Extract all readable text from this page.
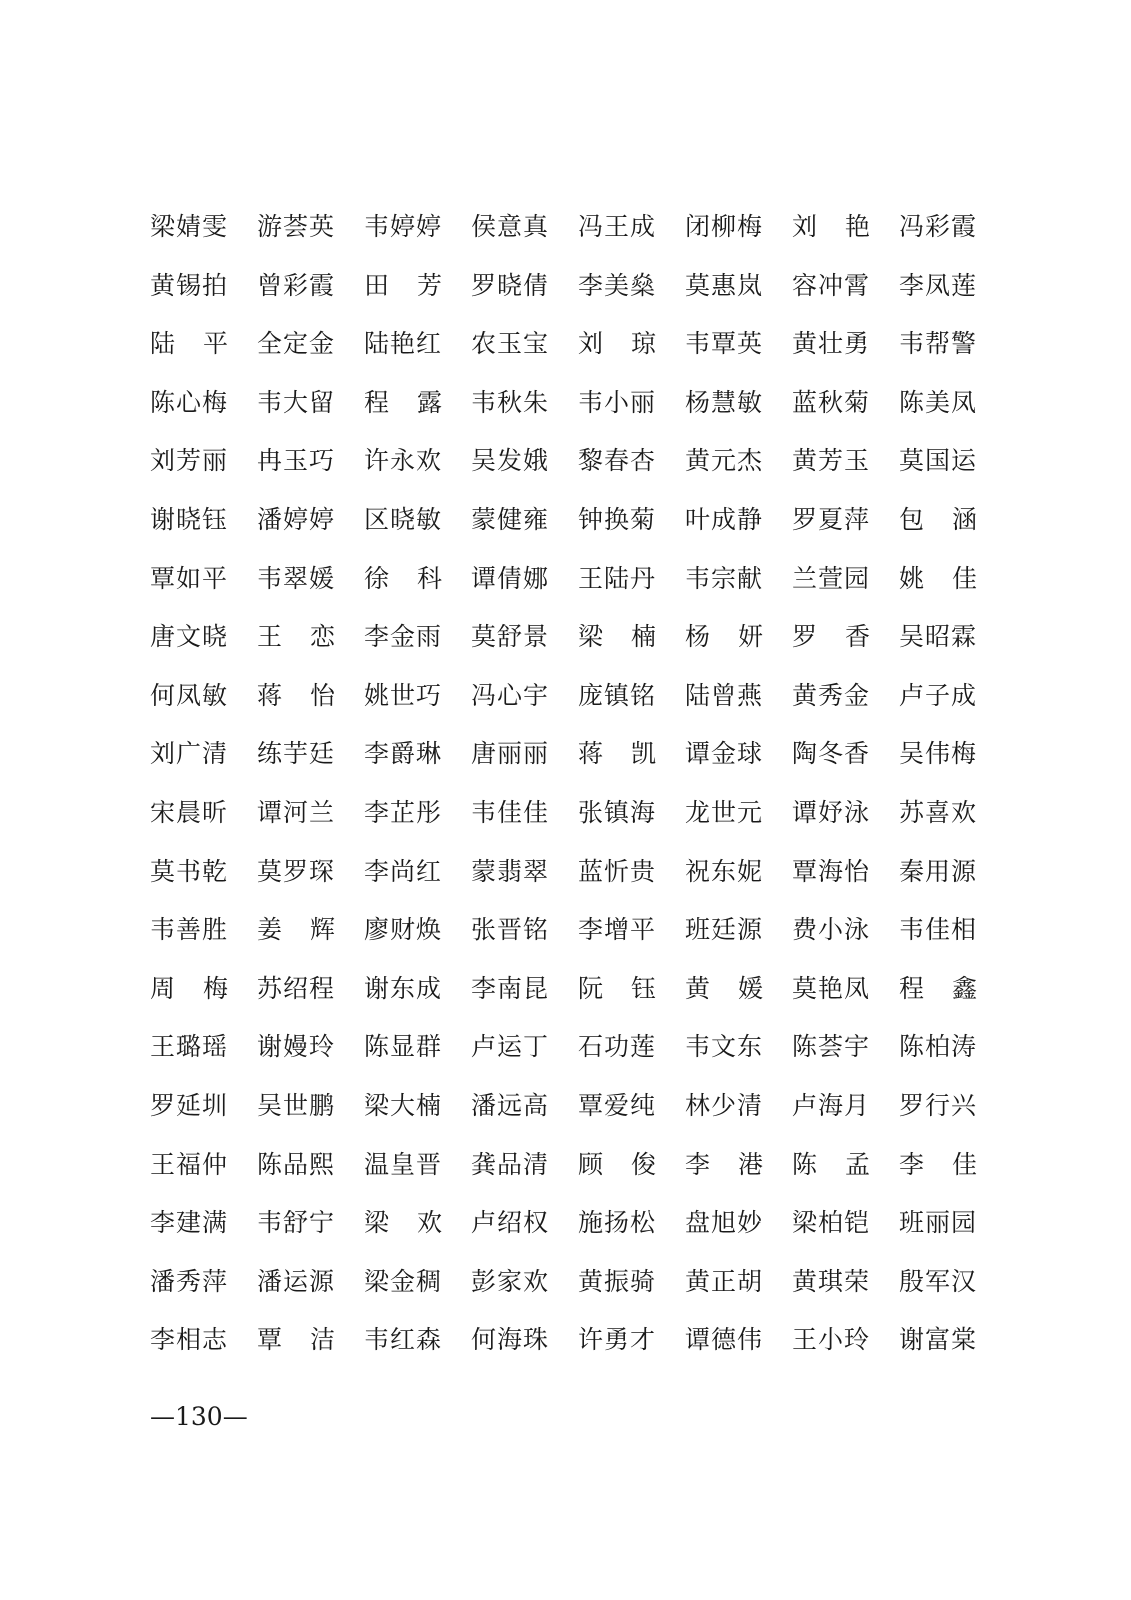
梁婧雯 游荟英 韦婷婷 侯意真 冯王成 闭柳梅 刘 艳 冯彩霞
黄锡拍 曾彩霞 田 芳 罗晓倩 李美燊 莫惠岚 容冲霄 李凤莲
陆 平 全定金 陆艳红 农玉宝 刘 琼 韦覃英 黄壮勇 韦帮警
陈心梅 韦大留 程 露 韦秋朱 韦小丽 杨慧敏 蓝秋菊 陈美凤
刘芳丽 冉玉巧 许永欢 吴发娥 黎春杏 黄元杰 黄芳玉 莫国运
谢晓钰 潘婷婷 区晓敏 蒙健雍 钟换菊 叶成静 罗夏萍 包 涵
覃如平 韦翠媛 徐 科 谭倩娜 王陆丹 韦宗献 兰萱园 姚 佳
唐文晓 王 恋 李金雨 莫舒景 梁 楠 杨 妍 罗 香 吴昭霖
何凤敏 蒋 怡 姚世巧 冯心宇 庞镇铭 陆曾燕 黄秀金 卢子成
刘广清 练芋廷 李爵琳 唐丽丽 蒋 凯 谭金球 陶冬香 吴伟梅
宋晨昕 谭河兰 李芷彤 韦佳佳 张镇海 龙世元 谭妤泳 苏喜欢
莫书乾 莫罗琛 李尚红 蒙翡翠 蓝忻贵 祝东妮 覃海怡 秦用源
韦善胜 姜 辉 廖财焕 张晋铭 李增平 班廷源 费小泳 韦佳相
周 梅 苏绍程 谢东成 李南昆 阮 钰 黄 媛 莫艳凤 程 鑫
王璐瑶 谢嫚玲 陈显群 卢运丁 石功莲 韦文东 陈荟宇 陈柏涛
罗延圳 吴世鹏 梁大楠 潘远高 覃爱纯 林少清 卢海月 罗行兴
王福仲 陈品熙 温皇晋 龚品清 顾 俊 李 港 陈 孟 李 佳
李建满 韦舒宁 梁 欢 卢绍权 施扬松 盘旭妙 梁柏铠 班丽园
潘秀萍 潘运源 梁金稠 彭家欢 黄振骑 黄正胡 黄琪荣 殷军汉
李相志 覃 洁 韦红森 何海珠 许勇才 谭德伟 王小玲 谢富棠
—130—
